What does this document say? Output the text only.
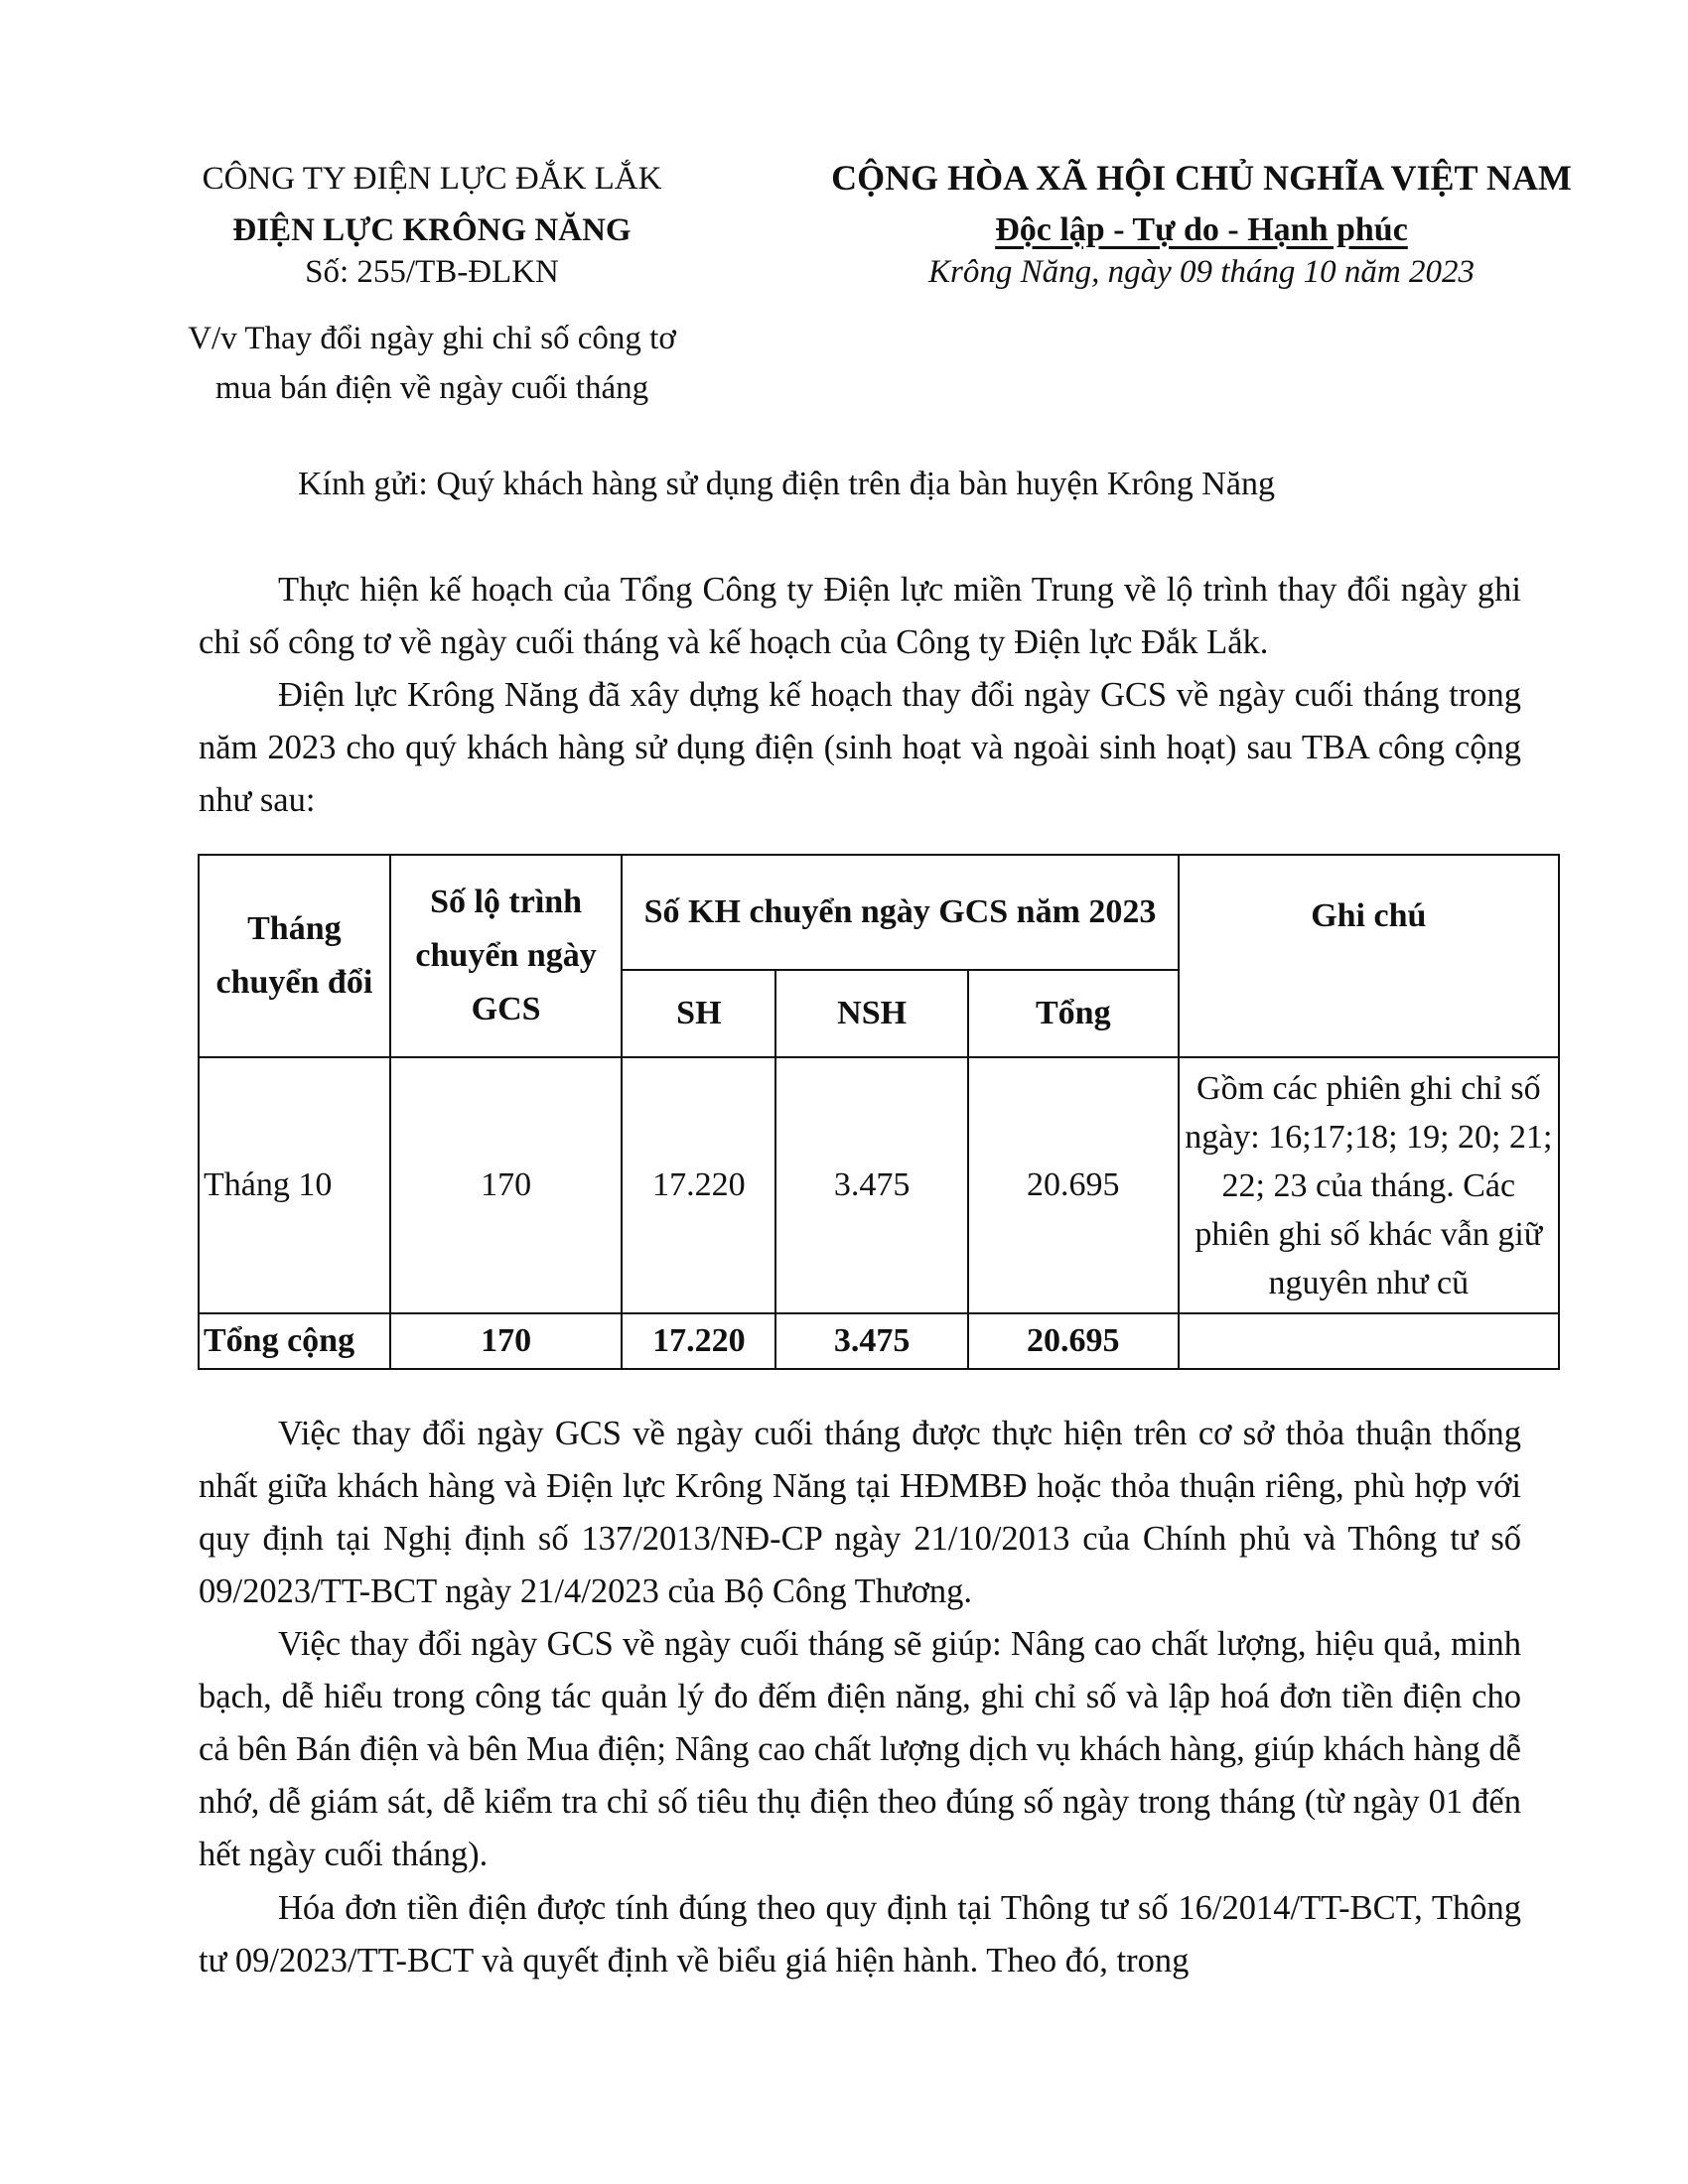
CÔNG TY ĐIỆN LỰC ĐẮK LẮK
ĐIỆN LỰC KRÔNG NĂNG
Số: 255/TB-ĐLKN
V/v Thay đổi ngày ghi chỉ số công tơ
mua bán điện về ngày cuối tháng
CỘNG HÒA XÃ HỘI CHỦ NGHĨA VIỆT NAM
Độc lập - Tự do - Hạnh phúc
Krông Năng, ngày 09 tháng 10 năm 2023
Kính gửi: Quý khách hàng sử dụng điện trên địa bàn huyện Krông Năng

Thực hiện kế hoạch của Tổng Công ty Điện lực miền Trung về lộ trình thay đổi ngày ghi chỉ số công tơ về ngày cuối tháng và kế hoạch của Công ty Điện lực Đắk Lắk.

Điện lực Krông Năng đã xây dựng kế hoạch thay đổi ngày GCS về ngày cuối tháng trong năm 2023 cho quý khách hàng sử dụng điện (sinh hoạt và ngoài sinh hoạt) sau TBA công cộng như sau:

Tháng chuyển đổi	Số lộ trình chuyển ngày GCS	Số KH chuyển ngày GCS năm 2023			Ghi chú
		SH	NSH	Tổng	
Tháng 10	170	17.220	3.475	20.695	Gồm các phiên ghi chỉ số ngày: 16;17;18; 19; 20; 21; 22; 23 của tháng. Các phiên ghi số khác vẫn giữ nguyên như cũ
Tổng cộng	170	17.220	3.475	20.695	

Việc thay đổi ngày GCS về ngày cuối tháng được thực hiện trên cơ sở thỏa thuận thống nhất giữa khách hàng và Điện lực Krông Năng tại HĐMBĐ hoặc thỏa thuận riêng, phù hợp với quy định tại Nghị định số 137/2013/NĐ-CP ngày 21/10/2013 của Chính phủ và Thông tư số 09/2023/TT-BCT ngày 21/4/2023 của Bộ Công Thương.

Việc thay đổi ngày GCS về ngày cuối tháng sẽ giúp: Nâng cao chất lượng, hiệu quả, minh bạch, dễ hiểu trong công tác quản lý đo đếm điện năng, ghi chỉ số và lập hoá đơn tiền điện cho cả bên Bán điện và bên Mua điện; Nâng cao chất lượng dịch vụ khách hàng, giúp khách hàng dễ nhớ, dễ giám sát, dễ kiểm tra chỉ số tiêu thụ điện theo đúng số ngày trong tháng (từ ngày 01 đến hết ngày cuối tháng).

Hóa đơn tiền điện được tính đúng theo quy định tại Thông tư số 16/2014/TT-BCT, Thông tư 09/2023/TT-BCT và quyết định về biểu giá hiện hành. Theo đó, trong
